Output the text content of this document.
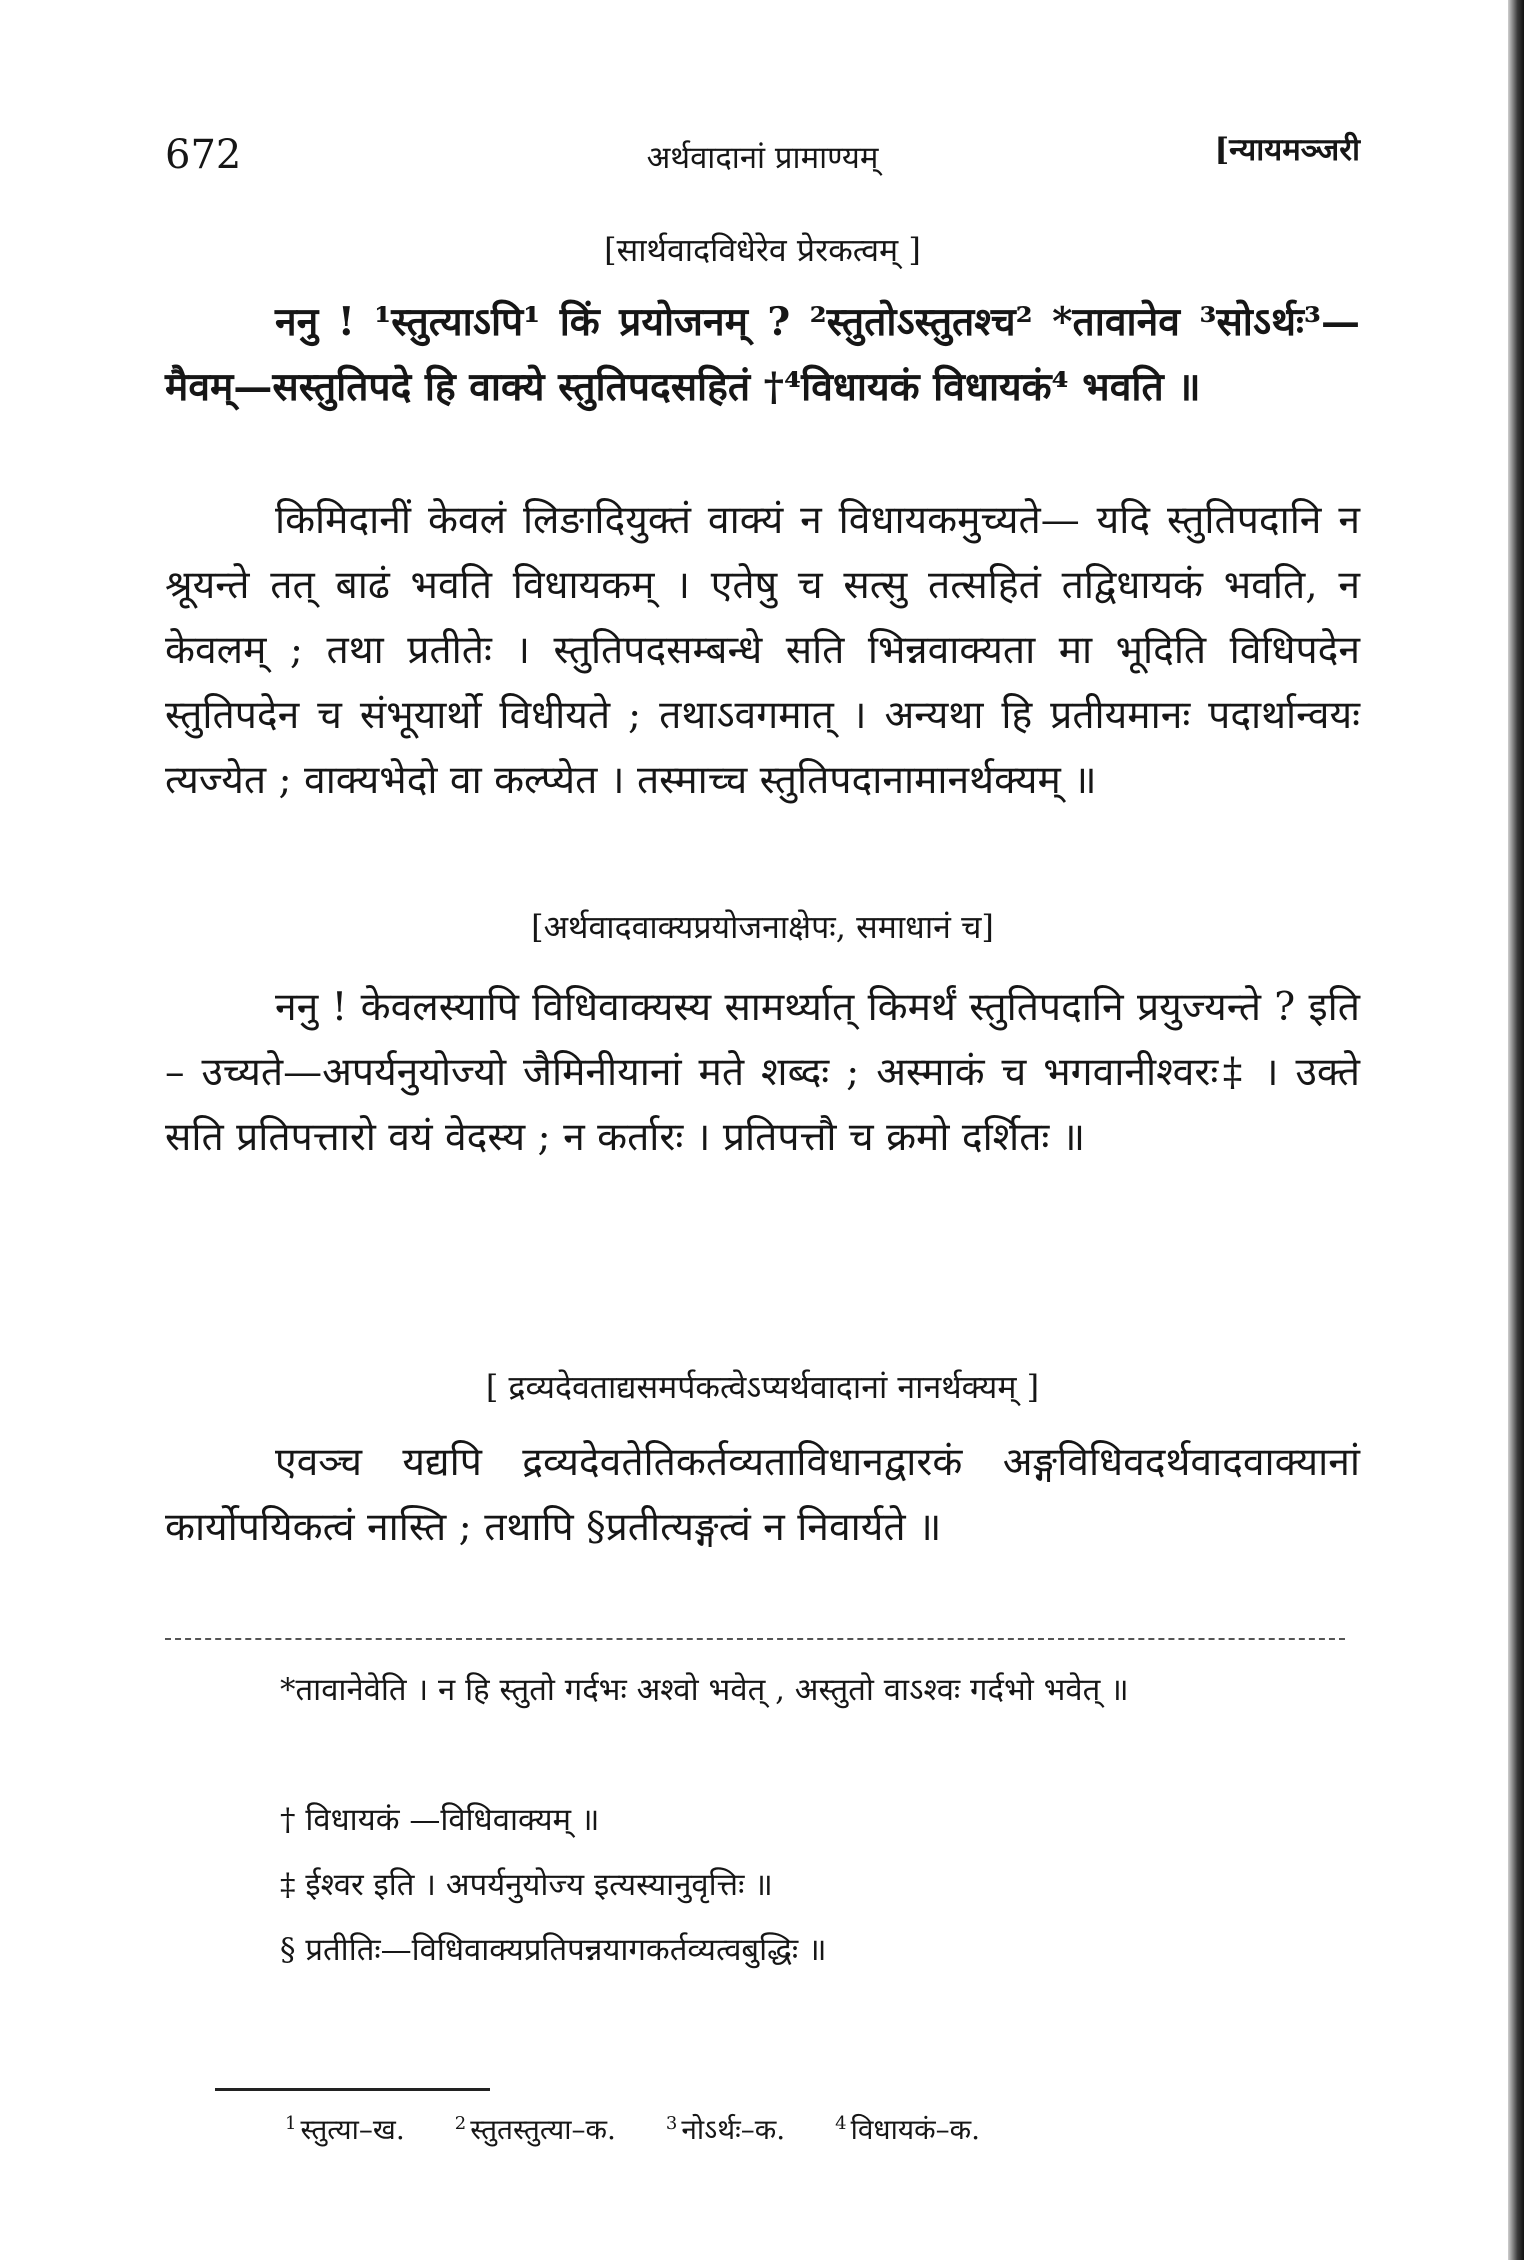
672	अर्थवादानां प्रामाण्यम्	[न्यायमञ्जरी
[सार्थवादविधेरेव प्रेरकत्वम् ]

ननु ! ¹स्तुत्याऽपि¹ किं प्रयोजनम् ? ²स्तुतोऽस्तुतश्च² *तावानेव ³सोऽर्थः³—मैवम्—सस्तुतिपदे हि वाक्ये स्तुतिपदसहितं †⁴विधायकं विधायकं⁴ भवति ॥

किमिदानीं केवलं लिङादियुक्तं वाक्यं न विधायकमुच्यते— यदि स्तुतिपदानि न श्रूयन्ते तत् बाढं भवति विधायकम् । एतेषु च सत्सु तत्सहितं तद्विधायकं भवति, न केवलम् ; तथा प्रतीतेः । स्तुतिपदसम्बन्धे सति भिन्नवाक्यता मा भूदिति विधिपदेन स्तुतिपदेन च संभूयार्थो विधीयते ; तथाऽवगमात् । अन्यथा हि प्रतीयमानः पदार्थान्वयः त्यज्येत ; वाक्यभेदो वा कल्प्येत । तस्माच्च स्तुतिपदानामानर्थक्यम् ॥

[अर्थवादवाक्यप्रयोजनाक्षेपः, समाधानं च]

ननु ! केवलस्यापि विधिवाक्यस्य सामर्थ्यात् किमर्थं स्तुतिपदानि प्रयुज्यन्ते ? इति – उच्यते—अपर्यनुयोज्यो जैमिनीयानां मते शब्दः ; अस्माकं च भगवानीश्वरः‡ । उक्ते सति प्रतिपत्तारो वयं वेदस्य ; न कर्तारः । प्रतिपत्तौ च क्रमो दर्शितः ॥

[ द्रव्यदेवताद्यसमर्पकत्वेऽप्यर्थवादानां नानर्थक्यम् ]

एवञ्च यद्यपि द्रव्यदेवतेतिकर्तव्यताविधानद्वारकं अङ्गविधिवदर्थवादवाक्यानां कार्योपयिकत्वं नास्ति ; तथापि §प्रतीत्यङ्गत्वं न निवार्यते ॥

*तावानेवेति । न हि स्तुतो गर्दभः अश्वो भवेत् , अस्तुतो वाऽश्वः गर्दभो भवेत् ॥

† विधायकं —विधिवाक्यम् ॥

‡ ईश्वर इति । अपर्यनुयोज्य इत्यस्यानुवृत्तिः ॥

§ प्रतीतिः—विधिवाक्यप्रतिपन्नयागकर्तव्यत्वबुद्धिः ॥

$^1$ स्तुत्या–ख.	$^2$ स्तुतस्तुत्या–क.	$^3$ नोऽर्थः–क.	$^4$ विधायकं–क.
